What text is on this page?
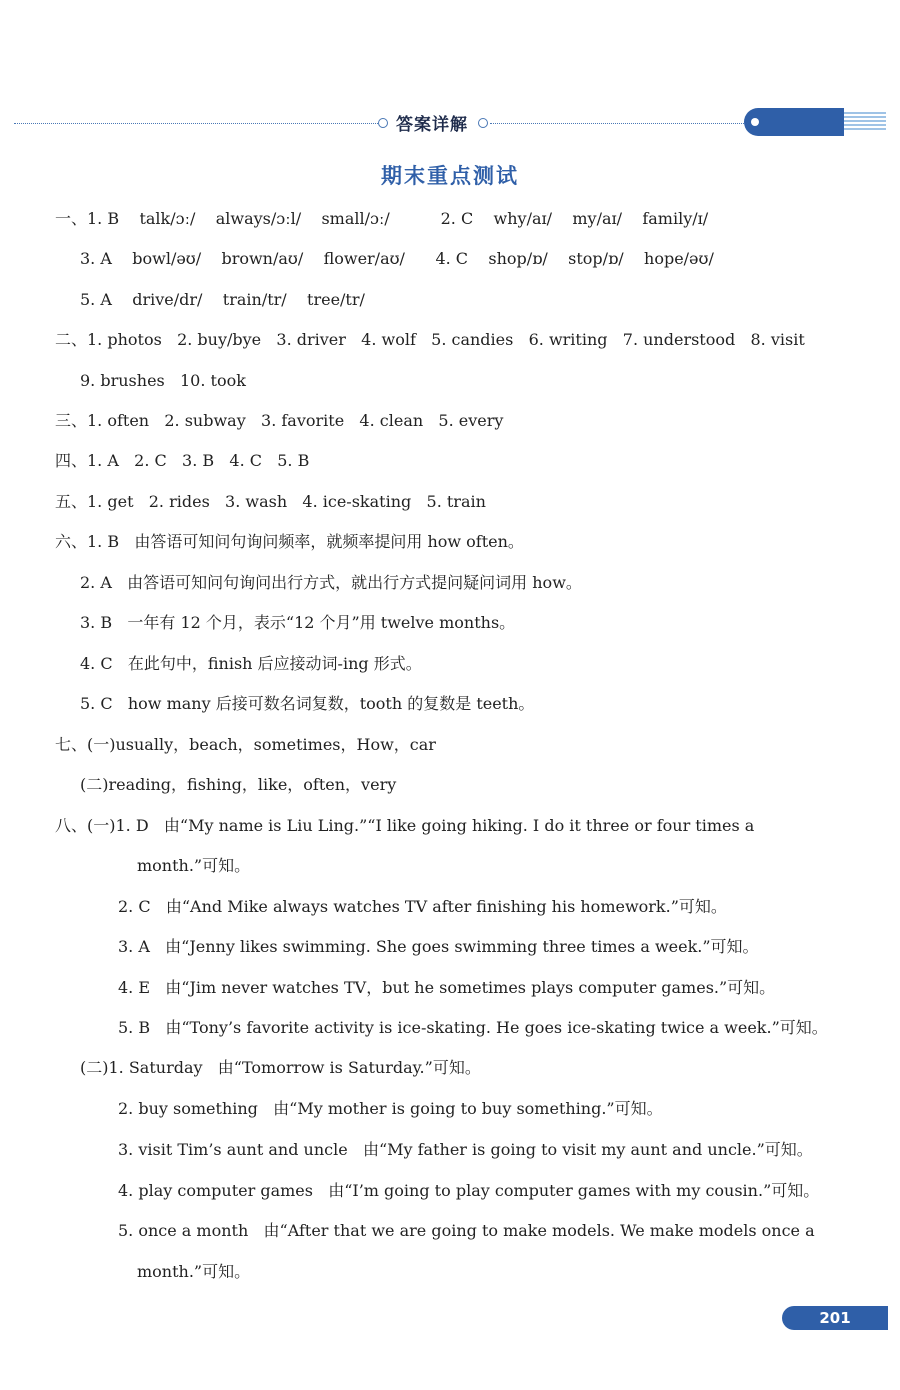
答案详解
期末重点测试
一、1. B    talk/ɔː/    always/ɔːl/    small/ɔː/          2. C    why/aɪ/    my/aɪ/    family/ɪ/
3. A    bowl/əʊ/    brown/aʊ/    flower/aʊ/      4. C    shop/ɒ/    stop/ɒ/    hope/əʊ/
5. A    drive/dr/    train/tr/    tree/tr/
二、1. photos   2. buy/bye   3. driver   4. wolf   5. candies   6. writing   7. understood   8. visit
9. brushes   10. took
三、1. often   2. subway   3. favorite   4. clean   5. every
四、1. A   2. C   3. B   4. C   5. B
五、1. get   2. rides   3. wash   4. ice-skating   5. train
六、1. B   由答语可知问句询问频率，就频率提问用 how often。
2. A   由答语可知问句询问出行方式，就出行方式提问疑问词用 how。
3. B   一年有 12 个月，表示“12 个月”用 twelve months。
4. C   在此句中，finish 后应接动词-ing 形式。
5. C   how many 后接可数名词复数，tooth 的复数是 teeth。
七、(一)usually，beach，sometimes，How，car
(二)reading，fishing，like，often，very
八、(一)1. D   由“My name is Liu Ling.”“I like going hiking. I do it three or four times a
month.”可知。
2. C   由“And Mike always watches TV after finishing his homework.”可知。
3. A   由“Jenny likes swimming. She goes swimming three times a week.”可知。
4. E   由“Jim never watches TV，but he sometimes plays computer games.”可知。
5. B   由“Tony’s favorite activity is ice-skating. He goes ice-skating twice a week.”可知。
(二)1. Saturday   由“Tomorrow is Saturday.”可知。
2. buy something   由“My mother is going to buy something.”可知。
3. visit Tim’s aunt and uncle   由“My father is going to visit my aunt and uncle.”可知。
4. play computer games   由“I’m going to play computer games with my cousin.”可知。
5. once a month   由“After that we are going to make models. We make models once a
month.”可知。
201
